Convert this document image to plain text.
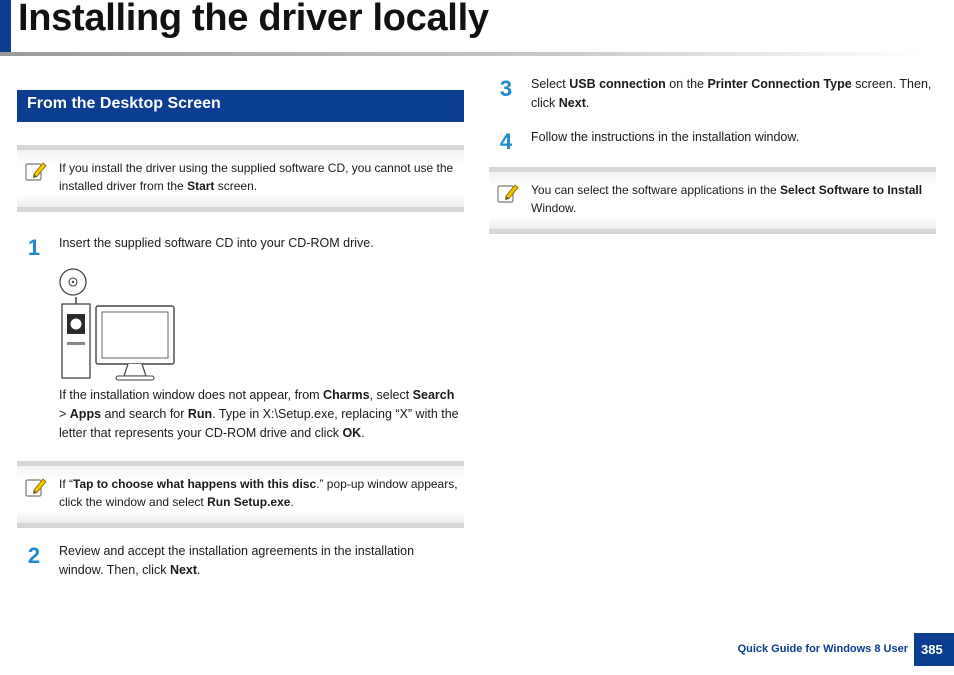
Installing the driver locally
From the Desktop Screen
If you install the driver using the supplied software CD, you cannot use the installed driver from the Start screen.
1	Insert the supplied software CD into your CD-ROM drive.
If the installation window does not appear, from Charms, select Search > Apps and search for Run. Type in X:\Setup.exe, replacing “X” with the letter that represents your CD-ROM drive and click OK.
If “Tap to choose what happens with this disc.” pop-up window appears, click the window and select Run Setup.exe.
2	Review and accept the installation agreements in the installation window. Then, click Next.
3	Select USB connection on the Printer Connection Type screen. Then, click Next.
4	Follow the instructions in the installation window.
You can select the software applications in the Select Software to Install Window.
Quick Guide for Windows 8 User	385
